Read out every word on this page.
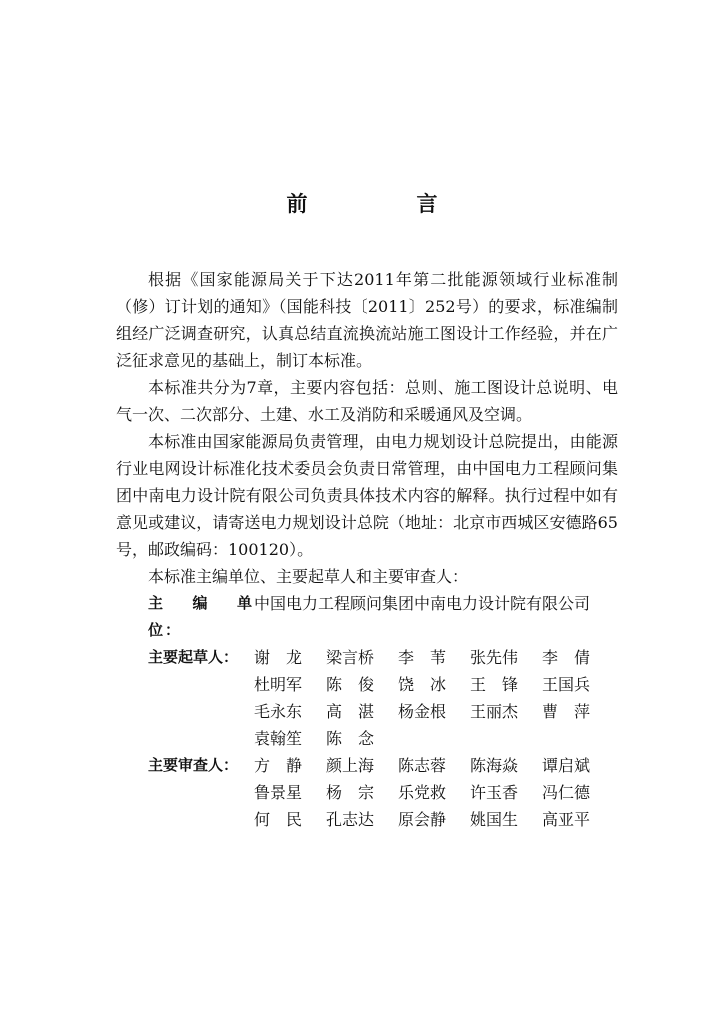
前　言

根据《国家能源局关于下达2011年第二批能源领域行业标准制（修）订计划的通知》（国能科技〔2011〕252号）的要求，标准编制组经广泛调查研究，认真总结直流换流站施工图设计工作经验，并在广泛征求意见的基础上，制订本标准。

本标准共分为7章，主要内容包括：总则、施工图设计总说明、电气一次、二次部分、土建、水工及消防和采暖通风及空调。

本标准由国家能源局负责管理，由电力规划设计总院提出，由能源行业电网设计标准化技术委员会负责日常管理，由中国电力工程顾问集团中南电力设计院有限公司负责具体技术内容的解释。执行过程中如有意见或建议，请寄送电力规划设计总院（地址：北京市西城区安德路65号，邮政编码：100120）。

本标准主编单位、主要起草人和主要审查人：

主 编 单 位：
中国电力工程顾问集团中南电力设计院有限公司
主要起草人： 谢　龙	梁言桥	李　苇	张先伟	李　倩
杜明军	陈　俊	饶　冰	王　锋	王国兵
毛永东	高　湛	杨金根	王丽杰	曹　萍
袁翰笙	陈　念
主要审查人： 方　静	颜上海	陈志蓉	陈海焱	谭启斌
鲁景星	杨　宗	乐党救	许玉香	冯仁德
何　民	孔志达	原会静	姚国生	高亚平
